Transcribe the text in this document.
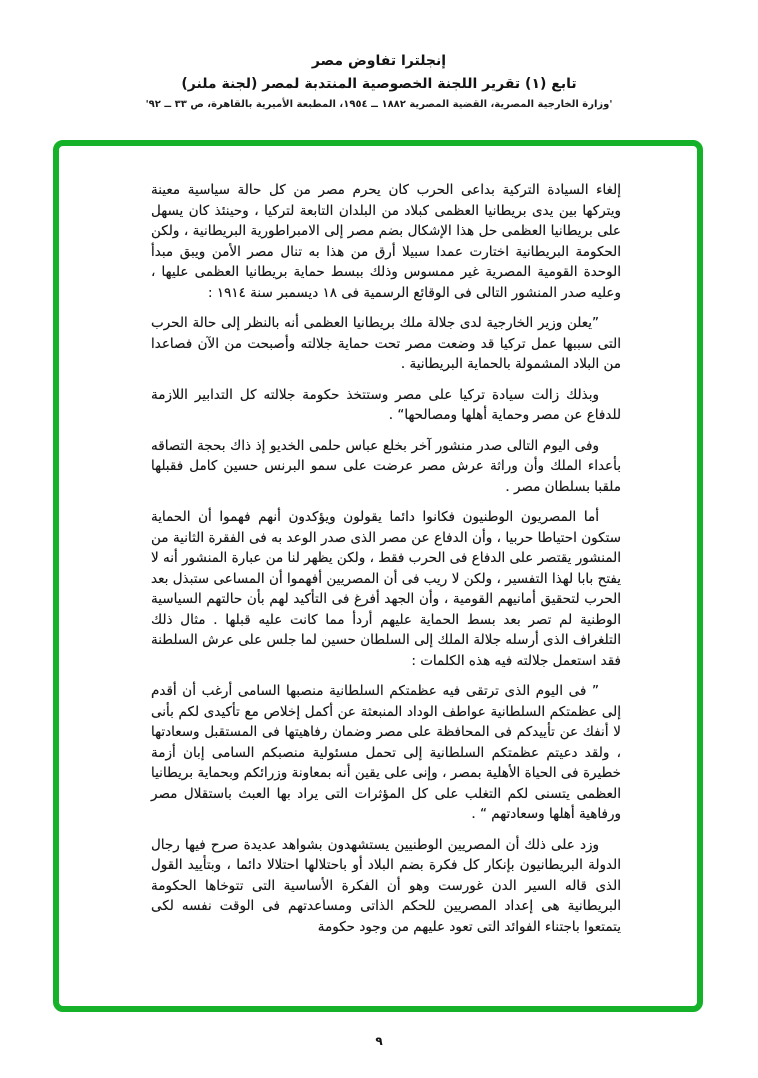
إنجلترا تفاوض مصر
تابع (١) تقرير اللجنة الخصوصية المنتدبة لمصر (لجنة ملنر)
'وزارة الخارجية المصرية، القضية المصرية ١٨٨٢ ــ ١٩٥٤، المطبعة الأميرية بالقاهرة، ص ٣٣ ــ ٩٢'

إلغاء السيادة التركية بداعى الحرب كان يحرم مصر من كل حالة سياسية معينة ويتركها بين يدى بريطانيا العظمى كبلاد من البلدان التابعة لتركيا ، وحينئذ كان يسهل على بريطانيا العظمى حل هذا الإشكال بضم مصر إلى الامبراطورية البريطانية ، ولكن الحكومة البريطانية اختارت عمدا سبيلا أرق من هذا به تنال مصر الأمن ويبق مبدأ الوحدة القومية المصرية غير ممسوس وذلك ببسط حماية بريطانيا العظمى عليها ، وعليه صدر المنشور التالى فى الوقائع الرسمية فى ١٨ ديسمبر سنة ١٩١٤ :

”يعلن وزير الخارجية لدى جلالة ملك بريطانيا العظمى أنه بالنظر إلى حالة الحرب التى سببها عمل تركيا قد وضعت مصر تحت حماية جلالته وأصبحت من الآن فصاعدا من البلاد المشمولة بالحماية البريطانية .

وبذلك زالت سيادة تركيا على مصر وستتخذ حكومة جلالته كل التدابير اللازمة للدفاع عن مصر وحماية أهلها ومصالحها“ .

وفى اليوم التالى صدر منشور آخر بخلع عباس حلمى الخديو إذ ذاك بحجة التصاقه بأعداء الملك وأن وراثة عرش مصر عرضت على سمو البرنس حسين كامل فقبلها ملقبا بسلطان مصر .

أما المصريون الوطنيون فكانوا دائما يقولون ويؤكدون أنهم فهموا أن الحماية ستكون احتياطا حربيا ، وأن الدفاع عن مصر الذى صدر الوعد به فى الفقرة الثانية من المنشور يقتصر على الدفاع فى الحرب فقط ، ولكن يظهر لنا من عبارة المنشور أنه لا يفتح بابا لهذا التفسير ، ولكن لا ريب فى أن المصريين أفهموا أن المساعى ستبذل بعد الحرب لتحقيق أمانيهم القومية ، وأن الجهد أفرغ فى التأكيد لهم بأن حالتهم السياسية الوطنية لم تصر بعد بسط الحماية عليهم أردأ مما كانت عليه قبلها . مثال ذلك التلغراف الذى أرسله جلالة الملك إلى السلطان حسين لما جلس على عرش السلطنة فقد استعمل جلالته فيه هذه الكلمات :

” فى اليوم الذى ترتقى فيه عظمتكم السلطانية منصبها السامى أرغب أن أقدم إلى عظمتكم السلطانية عواطف الوداد المنبعثة عن أكمل إخلاص مع تأكيدى لكم بأنى لا أنفك عن تأييدكم فى المحافظة على مصر وضمان رفاهيتها فى المستقبل وسعادتها ، ولقد دعيتم عظمتكم السلطانية إلى تحمل مسئولية منصبكم السامى إبان أزمة خطيرة فى الحياة الأهلية بمصر ، وإنى على يقين أنه بمعاونة وزرائكم وبحماية بريطانيا العظمى يتسنى لكم التغلب على كل المؤثرات التى يراد بها العبث باستقلال مصر ورفاهية أهلها وسعادتهم “ .

وزد على ذلك أن المصريين الوطنيين يستشهدون بشواهد عديدة صرح فيها رجال الدولة البريطانيون بإنكار كل فكرة بضم البلاد أو باحتلالها احتلالا دائما ، وبتأييد القول الذى قاله السير الدن غورست وهو أن الفكرة الأساسية التى تتوخاها الحكومة البريطانية هى إعداد المصريين للحكم الذاتى ومساعدتهم فى الوقت نفسه لكى يتمتعوا باجتناء الفوائد التى تعود عليهم من وجود حكومة

٩
